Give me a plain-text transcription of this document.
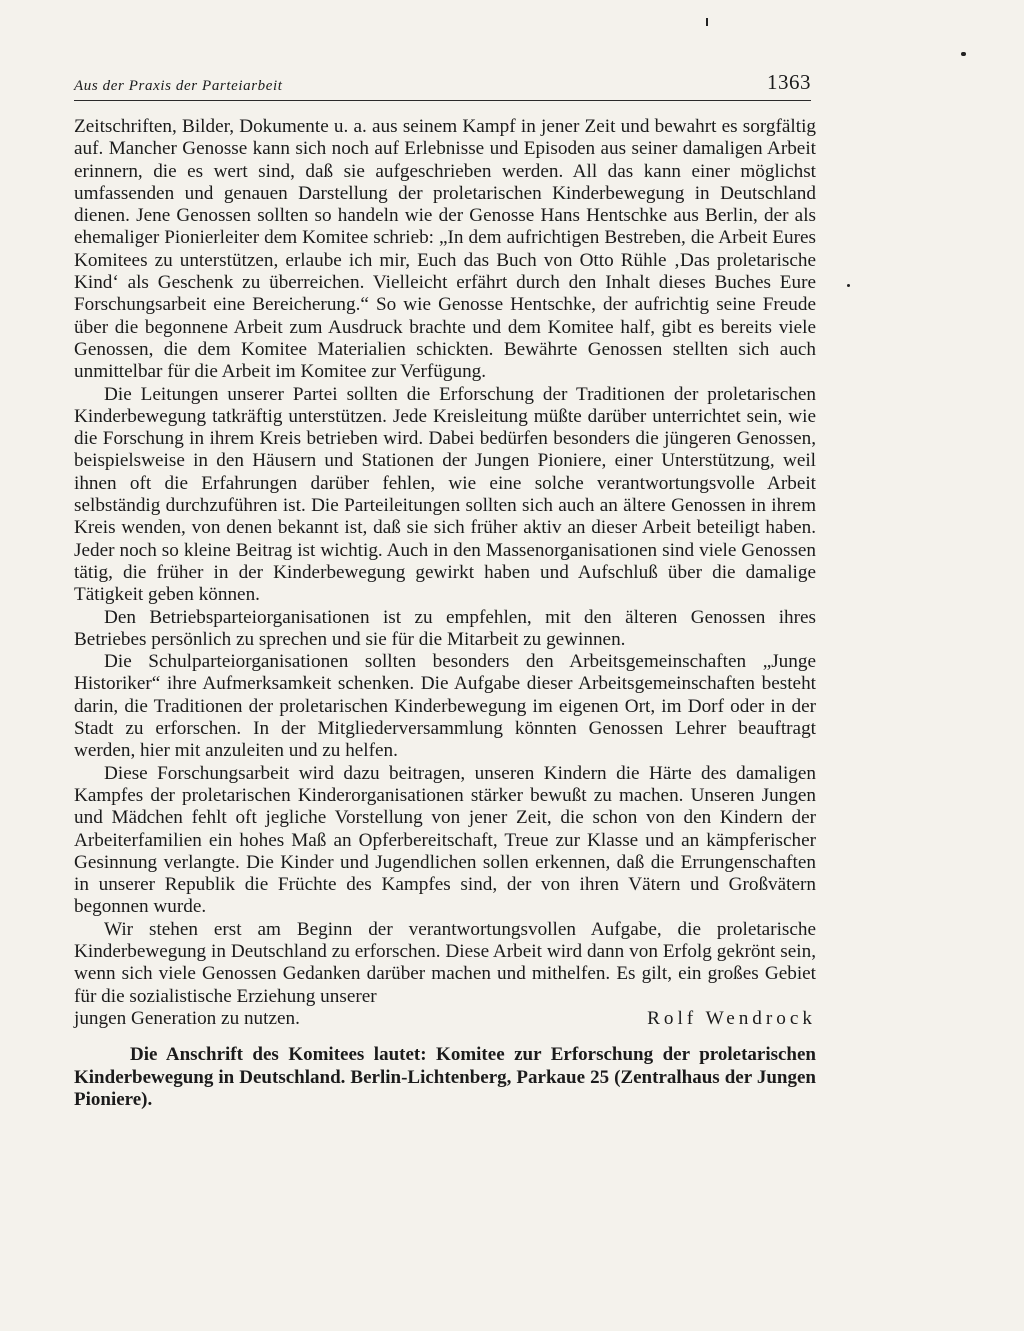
Aus der Praxis der Parteiarbeit	1363

Zeitschriften, Bilder, Dokumente u. a. aus seinem Kampf in jener Zeit und bewahrt es sorgfältig auf. Mancher Genosse kann sich noch auf Erlebnisse und Episoden aus seiner damaligen Arbeit erinnern, die es wert sind, daß sie aufgeschrieben werden. All das kann einer möglichst umfassenden und genauen Darstellung der proletarischen Kinderbewegung in Deutschland dienen. Jene Genossen sollten so handeln wie der Genosse Hans Hentschke aus Berlin, der als ehemaliger Pionierleiter dem Komitee schrieb: „In dem aufrichtigen Bestreben, die Arbeit Eures Komitees zu unterstützen, erlaube ich mir, Euch das Buch von Otto Rühle ‚Das proletarische Kind‘ als Geschenk zu überreichen. Vielleicht erfährt durch den Inhalt dieses Buches Eure Forschungsarbeit eine Bereicherung.“ So wie Genosse Hentschke, der aufrichtig seine Freude über die begonnene Arbeit zum Ausdruck brachte und dem Komitee half, gibt es bereits viele Genossen, die dem Komitee Materialien schickten. Bewährte Genossen stellten sich auch unmittelbar für die Arbeit im Komitee zur Verfügung.

Die Leitungen unserer Partei sollten die Erforschung der Traditionen der proletarischen Kinderbewegung tatkräftig unterstützen. Jede Kreisleitung müßte darüber unterrichtet sein, wie die Forschung in ihrem Kreis betrieben wird. Dabei bedürfen besonders die jüngeren Genossen, beispielsweise in den Häusern und Stationen der Jungen Pioniere, einer Unterstützung, weil ihnen oft die Erfahrungen darüber fehlen, wie eine solche verantwortungsvolle Arbeit selbständig durchzuführen ist. Die Parteileitungen sollten sich auch an ältere Genossen in ihrem Kreis wenden, von denen bekannt ist, daß sie sich früher aktiv an dieser Arbeit beteiligt haben. Jeder noch so kleine Beitrag ist wichtig. Auch in den Massenorganisationen sind viele Genossen tätig, die früher in der Kinderbewegung gewirkt haben und Aufschluß über die damalige Tätigkeit geben können.

Den Betriebsparteiorganisationen ist zu empfehlen, mit den älteren Genossen ihres Betriebes persönlich zu sprechen und sie für die Mitarbeit zu gewinnen.

Die Schulparteiorganisationen sollten besonders den Arbeitsgemeinschaften „Junge Historiker“ ihre Aufmerksamkeit schenken. Die Aufgabe dieser Arbeitsgemeinschaften besteht darin, die Traditionen der proletarischen Kinderbewegung im eigenen Ort, im Dorf oder in der Stadt zu erforschen. In der Mitgliederversammlung könnten Genossen Lehrer beauftragt werden, hier mit anzuleiten und zu helfen.

Diese Forschungsarbeit wird dazu beitragen, unseren Kindern die Härte des damaligen Kampfes der proletarischen Kinderorganisationen stärker bewußt zu machen. Unseren Jungen und Mädchen fehlt oft jegliche Vorstellung von jener Zeit, die schon von den Kindern der Arbeiterfamilien ein hohes Maß an Opferbereitschaft, Treue zur Klasse und an kämpferischer Gesinnung verlangte. Die Kinder und Jugendlichen sollen erkennen, daß die Errungenschaften in unserer Republik die Früchte des Kampfes sind, der von ihren Vätern und Großvätern begonnen wurde.

Wir stehen erst am Beginn der verantwortungsvollen Aufgabe, die proletarische Kinderbewegung in Deutschland zu erforschen. Diese Arbeit wird dann von Erfolg gekrönt sein, wenn sich viele Genossen Gedanken darüber machen und mithelfen. Es gilt, ein großes Gebiet für die sozialistische Erziehung unserer

jungen Generation zu nutzen.	Rolf Wendrock

Die Anschrift des Komitees lautet: Komitee zur Erforschung der proletarischen Kinderbewegung in Deutschland. Berlin-Lichtenberg, Parkaue 25 (Zentralhaus der Jungen Pioniere).
